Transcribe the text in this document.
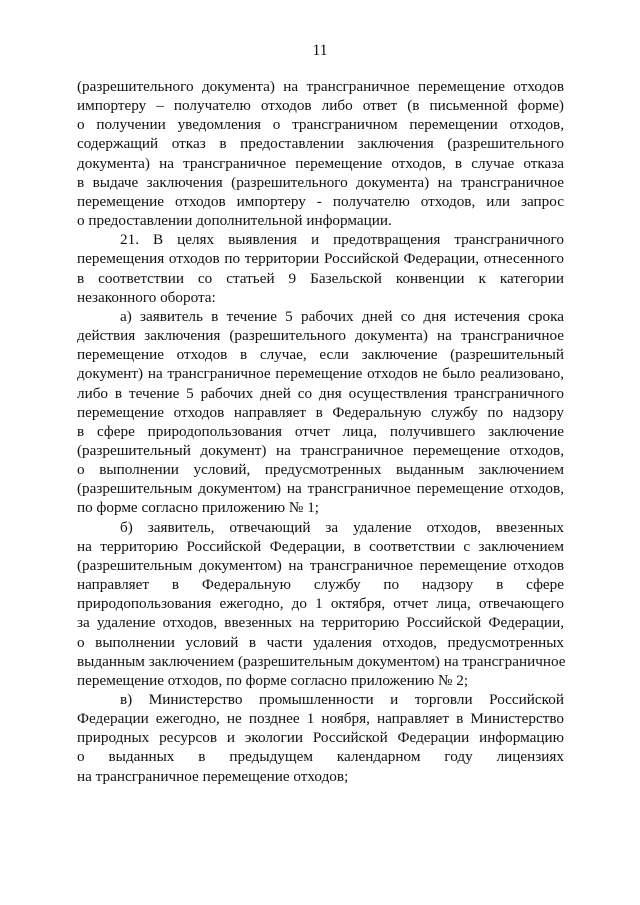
11
(разрешительного документа) на трансграничное перемещение отходов
импортеру – получателю отходов либо ответ (в письменной форме)
о получении уведомления о трансграничном перемещении отходов,
содержащий отказ в предоставлении заключения (разрешительного
документа) на трансграничное перемещение отходов, в случае отказа
в выдаче заключения (разрешительного документа) на трансграничное
перемещение отходов импортеру - получателю отходов, или запрос
о предоставлении дополнительной информации.
21. В целях выявления и предотвращения трансграничного
перемещения отходов по территории Российской Федерации, отнесенного
в соответствии со статьей 9 Базельской конвенции к категории
незаконного оборота:
а) заявитель в течение 5 рабочих дней со дня истечения срока
действия заключения (разрешительного документа) на трансграничное
перемещение отходов в случае, если заключение (разрешительный
документ) на трансграничное перемещение отходов не было реализовано,
либо в течение 5 рабочих дней со дня осуществления трансграничного
перемещение отходов направляет в Федеральную службу по надзору
в сфере природопользования отчет лица, получившего заключение
(разрешительный документ) на трансграничное перемещение отходов,
о выполнении условий, предусмотренных выданным заключением
(разрешительным документом) на трансграничное перемещение отходов,
по форме согласно приложению № 1;
б) заявитель, отвечающий за удаление отходов, ввезенных
на территорию Российской Федерации, в соответствии с заключением
(разрешительным документом) на трансграничное перемещение отходов
направляет в Федеральную службу по надзору в сфере
природопользования ежегодно, до 1 октября, отчет лица, отвечающего
за удаление отходов, ввезенных на территорию Российской Федерации,
о выполнении условий в части удаления отходов, предусмотренных
выданным заключением (разрешительным документом) на трансграничное
перемещение отходов, по форме согласно приложению № 2;
в) Министерство промышленности и торговли Российской
Федерации ежегодно, не позднее 1 ноября, направляет в Министерство
природных ресурсов и экологии Российской Федерации информацию
о выданных в предыдущем календарном году лицензиях
на трансграничное перемещение отходов;
